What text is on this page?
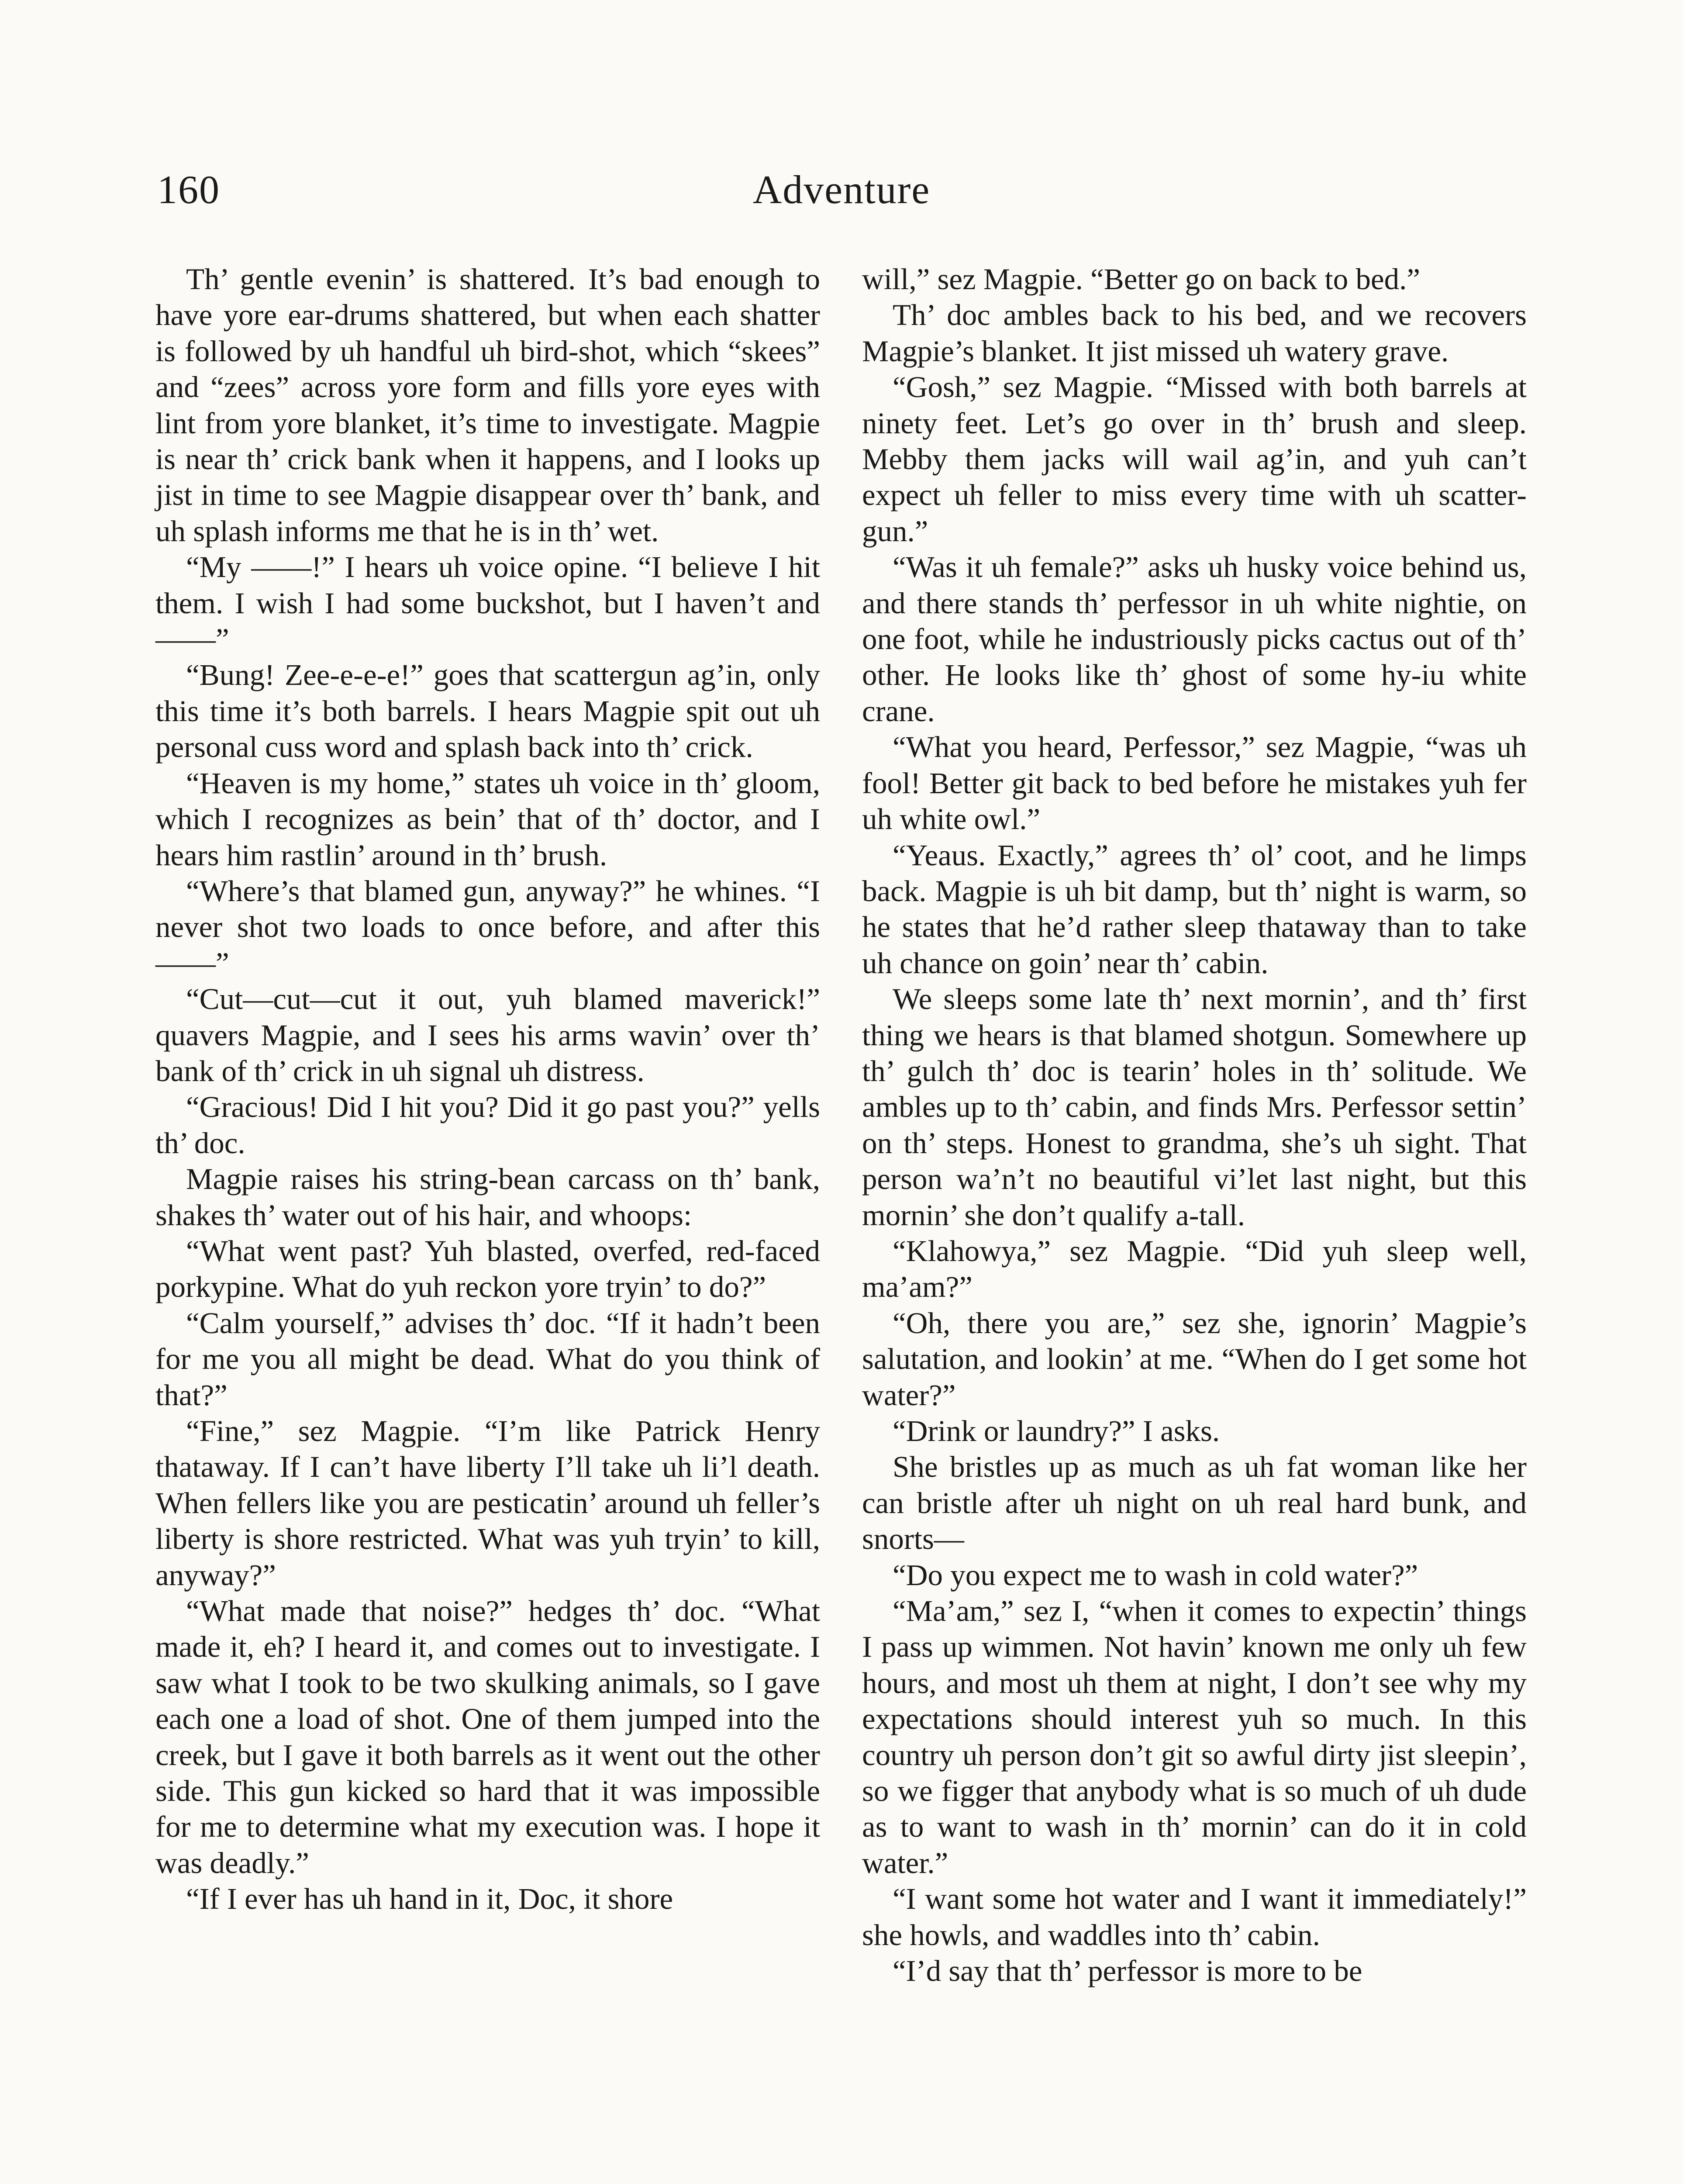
160	Adventure

Th’ gentle evenin’ is shattered. It’s bad enough to have yore ear-drums shattered, but when each shatter is followed by uh handful uh bird-shot, which “skees” and “zees” across yore form and fills yore eyes with lint from yore blanket, it’s time to investigate. Magpie is near th’ crick bank when it happens, and I looks up jist in time to see Magpie disappear over th’ bank, and uh splash informs me that he is in th’ wet.

“My ——!” I hears uh voice opine. “I believe I hit them. I wish I had some buckshot, but I haven’t and ——”

“Bung! Zee-e-e-e!” goes that scattergun ag’in, only this time it’s both barrels. I hears Magpie spit out uh personal cuss word and splash back into th’ crick.

“Heaven is my home,” states uh voice in th’ gloom, which I recognizes as bein’ that of th’ doctor, and I hears him rastlin’ around in th’ brush.

“Where’s that blamed gun, anyway?” he whines. “I never shot two loads to once before, and after this——”

“Cut—cut—cut it out, yuh blamed maverick!” quavers Magpie, and I sees his arms wavin’ over th’ bank of th’ crick in uh signal uh distress.

“Gracious! Did I hit you? Did it go past you?” yells th’ doc.

Magpie raises his string-bean carcass on th’ bank, shakes th’ water out of his hair, and whoops:

“What went past? Yuh blasted, overfed, red-faced porkypine. What do yuh reckon yore tryin’ to do?”

“Calm yourself,” advises th’ doc. “If it hadn’t been for me you all might be dead. What do you think of that?”

“Fine,” sez Magpie. “I’m like Patrick Henry thataway. If I can’t have liberty I’ll take uh li’l death. When fellers like you are pesticatin’ around uh feller’s liberty is shore restricted. What was yuh tryin’ to kill, anyway?”

“What made that noise?” hedges th’ doc. “What made it, eh? I heard it, and comes out to investigate. I saw what I took to be two skulking animals, so I gave each one a load of shot. One of them jumped into the creek, but I gave it both barrels as it went out the other side. This gun kicked so hard that it was impossible for me to determine what my execution was. I hope it was deadly.”

“If I ever has uh hand in it, Doc, it shore

will,” sez Magpie. “Better go on back to bed.”

Th’ doc ambles back to his bed, and we recovers Magpie’s blanket. It jist missed uh watery grave.

“Gosh,” sez Magpie. “Missed with both barrels at ninety feet. Let’s go over in th’ brush and sleep. Mebby them jacks will wail ag’in, and yuh can’t expect uh feller to miss every time with uh scatter-gun.”

“Was it uh female?” asks uh husky voice behind us, and there stands th’ perfessor in uh white nightie, on one foot, while he industriously picks cactus out of th’ other. He looks like th’ ghost of some hy-iu white crane.

“What you heard, Perfessor,” sez Magpie, “was uh fool! Better git back to bed before he mistakes yuh fer uh white owl.”

“Yeaus. Exactly,” agrees th’ ol’ coot, and he limps back. Magpie is uh bit damp, but th’ night is warm, so he states that he’d rather sleep thataway than to take uh chance on goin’ near th’ cabin.

We sleeps some late th’ next mornin’, and th’ first thing we hears is that blamed shotgun. Somewhere up th’ gulch th’ doc is tearin’ holes in th’ solitude. We ambles up to th’ cabin, and finds Mrs. Perfessor settin’ on th’ steps. Honest to grandma, she’s uh sight. That person wa’n’t no beautiful vi’let last night, but this mornin’ she don’t qualify a-tall.

“Klahowya,” sez Magpie. “Did yuh sleep well, ma’am?”

“Oh, there you are,” sez she, ignorin’ Magpie’s salutation, and lookin’ at me. “When do I get some hot water?”

“Drink or laundry?” I asks.

She bristles up as much as uh fat woman like her can bristle after uh night on uh real hard bunk, and snorts—

“Do you expect me to wash in cold water?”

“Ma’am,” sez I, “when it comes to expectin’ things I pass up wimmen. Not havin’ known me only uh few hours, and most uh them at night, I don’t see why my expectations should interest yuh so much. In this country uh person don’t git so awful dirty jist sleepin’, so we figger that anybody what is so much of uh dude as to want to wash in th’ mornin’ can do it in cold water.”

“I want some hot water and I want it immediately!” she howls, and waddles into th’ cabin.

“I’d say that th’ perfessor is more to be
